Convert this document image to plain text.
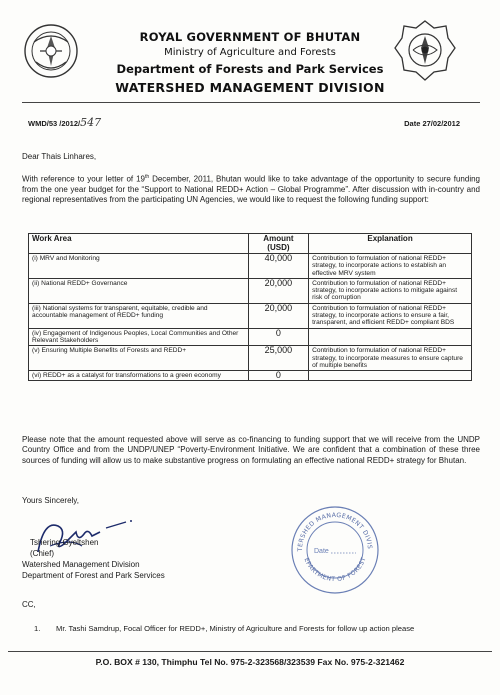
ROYAL GOVERNMENT OF BHUTAN
Ministry of Agriculture and Forests
Department of Forests and Park Services
WATERSHED MANAGEMENT DIVISION
WMD/53 /2012/547	Date 27/02/2012
Dear Thais Linhares,
With reference to your letter of 19th December, 2011, Bhutan would like to take advantage of the opportunity to secure funding from the one year budget for the “Support to National REDD+ Action – Global Programme”. After discussion with in-country and regional representatives from the participating UN Agencies, we would like to request the following funding support:
Work Area	Amount (USD)	Explanation
(i) MRV and Monitoring	40,000	Contribution to formulation of national REDD+ strategy, to incorporate actions to establish an effective MRV system
(ii) National REDD+ Governance	20,000	Contribution to formulation of national REDD+ strategy, to incorporate actions to mitigate against risk of corruption
(iii) National systems for transparent, equitable, credible and accountable management of REDD+ funding	20,000	Contribution to formulation of national REDD+ strategy, to incorporate actions to ensure a fair, transparent, and efficient REDD+ compliant BDS
(iv) Engagement of Indigenous Peoples, Local Communities and Other Relevant Stakeholders	0	
(v) Ensuring Multiple Benefits of Forests and REDD+	25,000	Contribution to formulation of national REDD+ strategy, to incorporate measures to ensure capture of multiple benefits
(vi) REDD+ as a catalyst for transformations to a green economy	0	
Please note that the amount requested above will serve as co-financing to funding support that we will receive from the UNDP Country Office and from the UNDP/UNEP “Poverty-Environment Initiative. We are confident that a combination of these three sources of funding will allow us to make substantive progress on formulating an effective national REDD+ strategy for Bhutan.
Yours Sincerely,
Tshering Gyeltshen
(Chief)
Watershed Management Division
Department of Forest and Park Services
TERSHED MANAGEMENT DIVIS
EPARTMENT OF FOREST
Date
CC,
1. Mr. Tashi Samdrup, Focal Officer for REDD+, Ministry of Agriculture and Forests for follow up action please
P.O. BOX # 130, Thimphu Tel No. 975-2-323568/323539 Fax No. 975-2-321462
